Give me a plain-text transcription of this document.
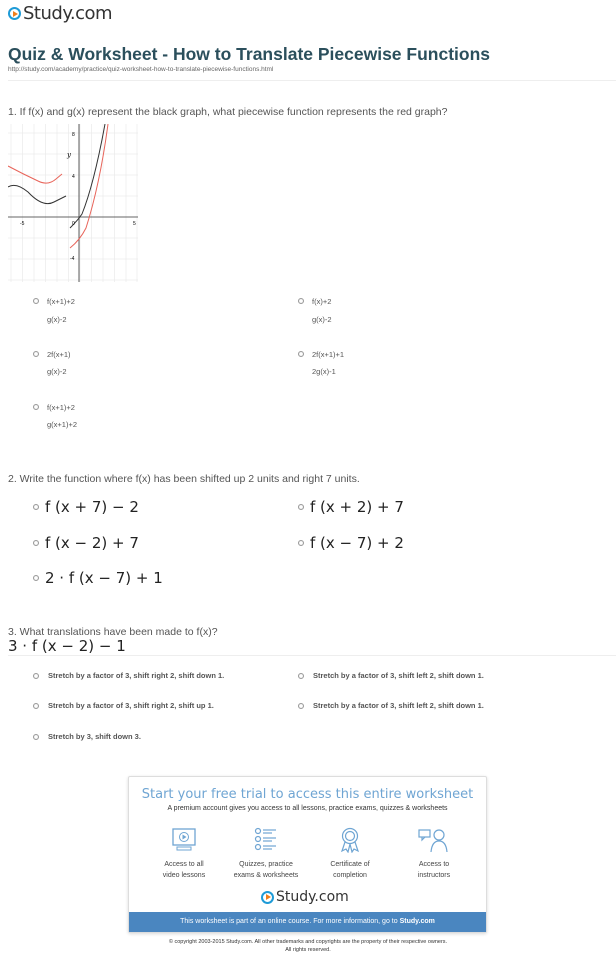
Study.com
Quiz & Worksheet - How to Translate Piecewise Functions
http://study.com/academy/practice/quiz-worksheet-how-to-translate-piecewise-functions.html
1. If f(x) and g(x) represent the black graph, what piecewise function represents the red graph?
y
8
4
-4
-5	5
0
f(x+1)+2
g(x)-2
f(x)+2
g(x)-2
2f(x+1)
g(x)-2
2f(x+1)+1
2g(x)-1
f(x+1)+2
g(x+1)+2
2. Write the function where f(x) has been shifted up 2 units and right 7 units.
f (x + 7) − 2	f (x + 2) + 7
f (x − 2) + 7	f (x − 7) + 2
2 · f (x − 7) + 1
3. What translations have been made to f(x)?
3 · f (x − 2) − 1
Stretch by a factor of 3, shift right 2, shift down 1.	Stretch by a factor of 3, shift left 2, shift down 1.
Stretch by a factor of 3, shift right 2, shift up 1.	Stretch by a factor of 3, shift left 2, shift down 1.
Stretch by 3, shift down 3.
Start your free trial to access this entire worksheet
A premium account gives you access to all lessons, practice exams, quizzes & worksheets
Access to all
video lessons
Quizzes, practice
exams & worksheets
Certificate of
completion
Access to
instructors
Study.com
This worksheet is part of an online course. For more information, go to Study.com
© copyright 2003-2015 Study.com. All other trademarks and copyrights are the property of their respective owners.
All rights reserved.
